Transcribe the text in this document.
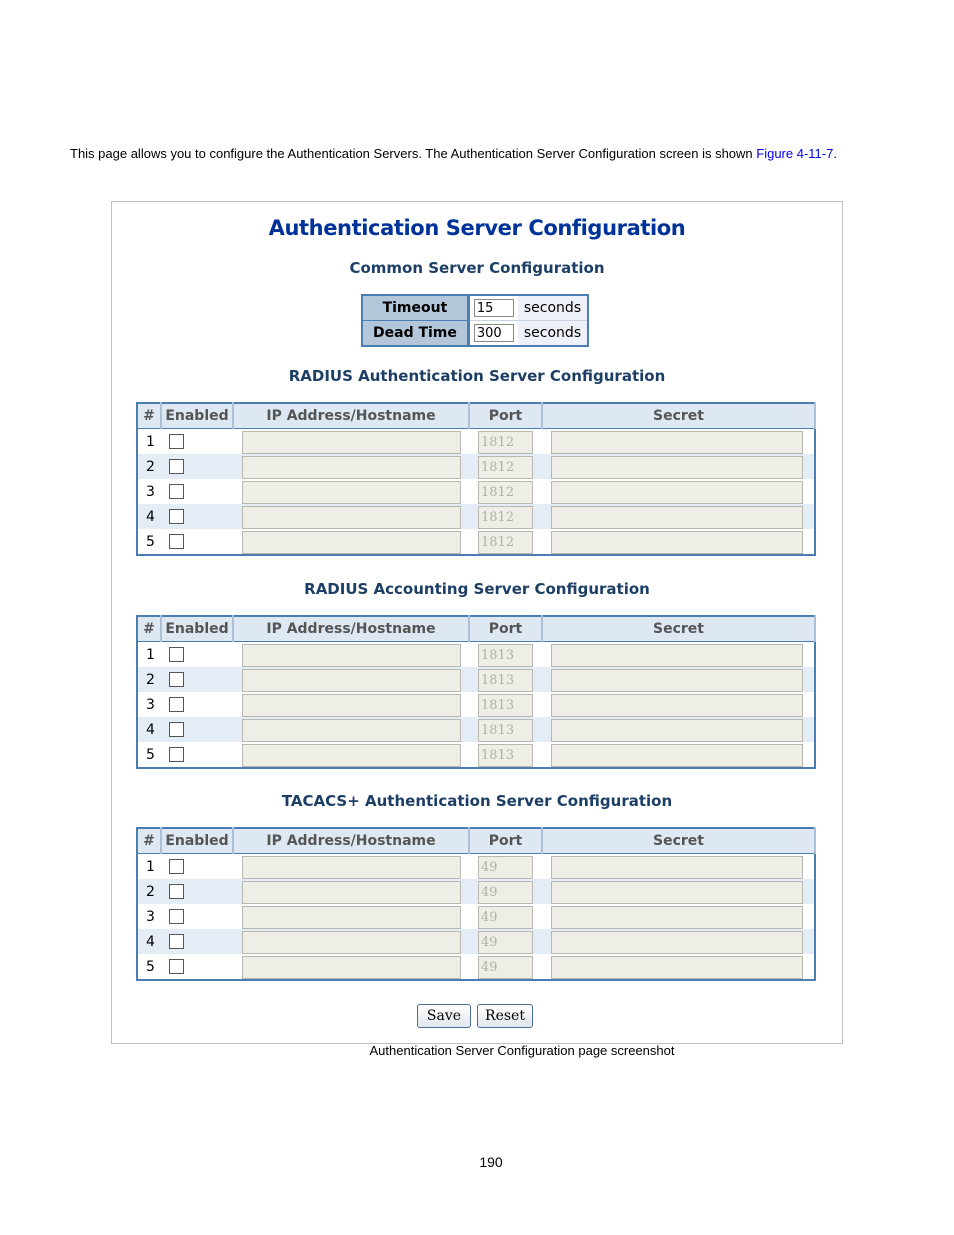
This page allows you to configure the Authentication Servers. The Authentication Server Configuration screen is shown Figure 4-11-7.
Authentication Server Configuration
Common Server Configuration
Timeout	15	seconds
Dead Time	300	seconds
RADIUS Authentication Server Configuration
#	Enabled	IP Address/Hostname	Port	Secret
1			1812	

2			1812	

3			1812	

4			1812	

5			1812	

RADIUS Accounting Server Configuration
#	Enabled	IP Address/Hostname	Port	Secret
1			1813	

2			1813	

3			1813	

4			1813	

5			1813	

TACACS+ Authentication Server Configuration
#	Enabled	IP Address/Hostname	Port	Secret
1			49	

2			49	

3			49	

4			49	

5			49	

Save	Reset
Authentication Server Configuration page screenshot
190
